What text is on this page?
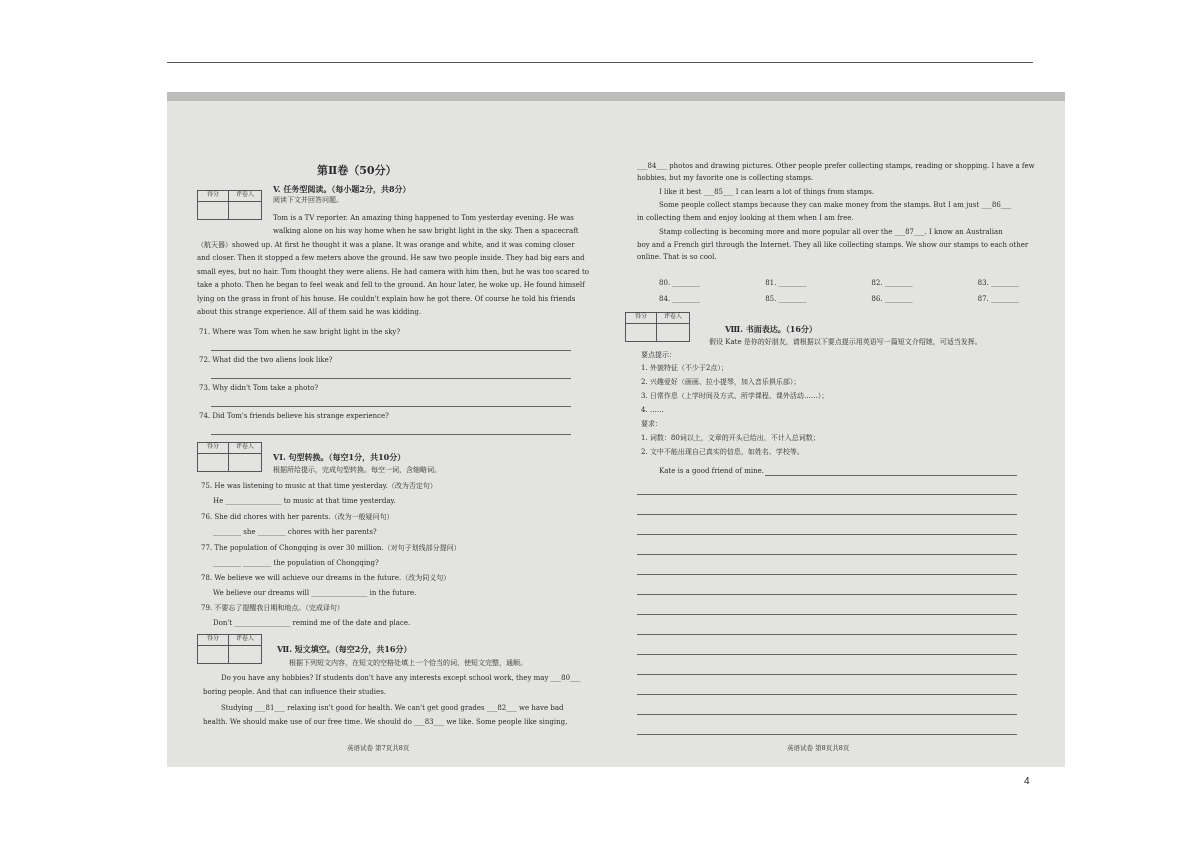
第Ⅱ卷（50分）
得分	评卷人
V. 任务型阅读。（每小题2分，共8分）
阅读下文并回答问题。

Tom is a TV reporter. An amazing thing happened to Tom yesterday evening. He was

walking alone on his way home when he saw bright light in the sky. Then a spacecraft

（航天器）showed up. At first he thought it was a plane. It was orange and white, and it was coming closer

and closer. Then it stopped a few meters above the ground. He saw two people inside. They had big ears and

small eyes, but no hair. Tom thought they were aliens. He had camera with him then, but he was too scared to

take a photo. Then he began to feel weak and fell to the ground. An hour later, he woke up. He found himself

lying on the grass in front of his house. He couldn't explain how he got there. Of course he told his friends

about this strange experience. All of them said he was kidding.

71. Where was Tom when he saw bright light in the sky?
72. What did the two aliens look like?
73. Why didn't Tom take a photo?
74. Did Tom's friends believe his strange experience?
得分	评卷人
VI. 句型转换。（每空1分，共10分）
根据所给提示，完成句型转换。每空一词，含缩略词。
75. He was listening to music at that time yesterday.（改为否定句）
He ________________ to music at that time yesterday.
76. She did chores with her parents.（改为一般疑问句）
________ she ________ chores with her parents?
77. The population of Chongqing is over 30 million.（对句子划线部分提问）
________ ________ the population of Chongqing?
78. We believe we will achieve our dreams in the future.（改为同义句）
We believe our dreams will ________________ in the future.
79. 不要忘了提醒我日期和地点。（完成译句）
Don't ________________ remind me of the date and place.
得分	评卷人
Ⅶ. 短文填空。（每空2分，共16分）
根据下列短文内容，在短文的空格处填上一个恰当的词，使短文完整，通顺。
Do you have any hobbies? If students don't have any interests except school work, they may ___80___
boring people. And that can influence their studies.
Studying ___81___ relaxing isn't good for health. We can't get good grades ___82___ we have bad
health. We should make use of our free time. We should do ___83___ we like. Some people like singing,
英语试卷 第7页共8页

___84___ photos and drawing pictures. Other people prefer collecting stamps, reading or shopping. I have a few

hobbies, but my favorite one is collecting stamps.

I like it best ___85___ I can learn a lot of things from stamps.

Some people collect stamps because they can make money from the stamps. But I am just ___86___

in collecting them and enjoy looking at them when I am free.

Stamp collecting is becoming more and more popular all over the ___87___. I know an Australian

boy and a French girl through the Internet. They all like collecting stamps. We show our stamps to each other

online. That is so cool.

80. ________	81. ________	82. ________	83. ________
84. ________	85. ________	86. ________	87. ________
得分	评卷人
Ⅷ. 书面表达。（16分）
假设 Kate 是你的好朋友，请根据以下要点提示用英语写一篇短文介绍她，可适当发挥。
要点提示：
1. 外貌特征（不少于2点）；
2. 兴趣爱好（画画、拉小提琴，加入音乐俱乐部）；
3. 日常作息（上学时间及方式、所学课程、课外活动……）；
4. ……
要求：
1. 词数：80词以上，文章的开头已给出，不计入总词数；
2. 文中不能出现自己真实的信息，如姓名、学校等。
Kate is a good friend of mine.
英语试卷 第8页共8页
4
